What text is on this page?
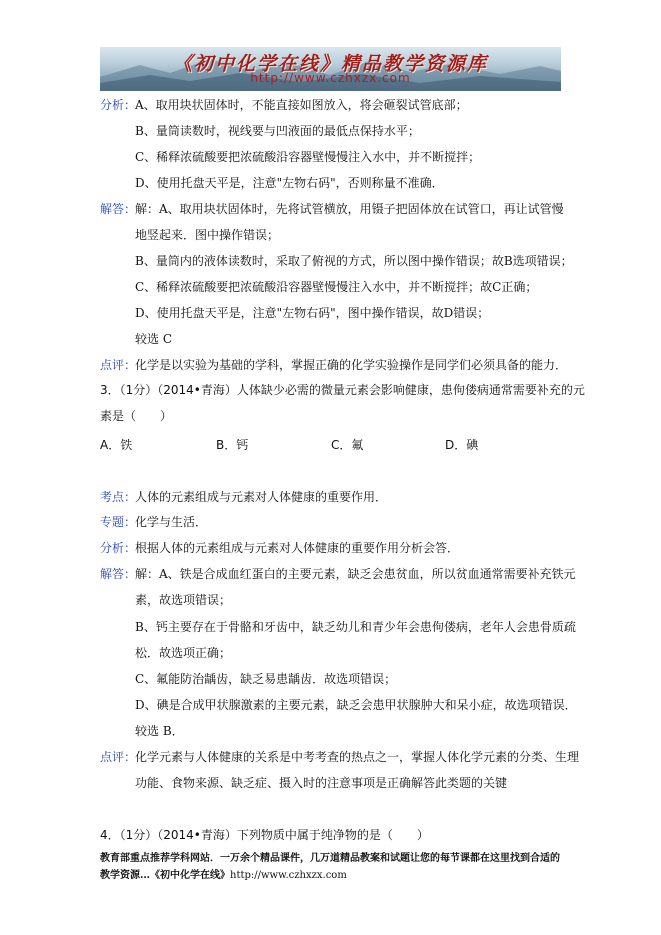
《初中化学在线》精品教学资源库
http://www.czhxzx.com
分析：
A、取用块状固体时，不能直接如图放入，将会砸裂试管底部；
B、量筒读数时，视线要与凹液面的最低点保持水平；
C、稀释浓硫酸要把浓硫酸沿容器壁慢慢注入水中，并不断搅拌；
D、使用托盘天平是，注意"左物右码"，否则称量不准确．
解答：
解：A、取用块状固体时，先将试管横放，用镊子把固体放在试管口，再让试管慢
地竖起来．图中操作错误；
B、量筒内的液体读数时，采取了俯视的方式，所以图中操作错误；故B选项错误；
C、稀释浓硫酸要把浓硫酸沿容器壁慢慢注入水中，并不断搅拌；故C正确；
D、使用托盘天平是，注意"左物右码"，图中操作错误，故D错误；
较选 C
点评：
化学是以实验为基础的学科，掌握正确的化学实验操作是同学们必须具备的能力．
3．（1分）（2014•青海）人体缺少必需的微量元素会影响健康，患佝偻病通常需要补充的元
素是（　　）
A．铁	B．钙	C．氟	D．碘
考点：
人体的元素组成与元素对人体健康的重要作用．
专题：
化学与生活．
分析：
根据人体的元素组成与元素对人体健康的重要作用分析会答．
解答：
解：A、铁是合成血红蛋白的主要元素，缺乏会患贫血，所以贫血通常需要补充铁元
素，故选项错误；
B、钙主要存在于骨骼和牙齿中，缺乏幼儿和青少年会患佝偻病，老年人会患骨质疏
松．故选项正确；
C、氟能防治龋齿，缺乏易患龋齿．故选项错误；
D、碘是合成甲状腺激素的主要元素，缺乏会患甲状腺肿大和呆小症，故选项错误．
较选 B．
点评：
化学元素与人体健康的关系是中考考查的热点之一，掌握人体化学元素的分类、生理
功能、食物来源、缺乏症、摄入时的注意事项是正确解答此类题的关键
4．（1分）（2014•青海）下列物质中属于纯净物的是（　　）
教育部重点推荐学科网站．一万余个精品课件，几万道精品教案和试题让您的每节课都在这里找到合适的
教学资源…《初中化学在线》http://www.czhxzx.com
